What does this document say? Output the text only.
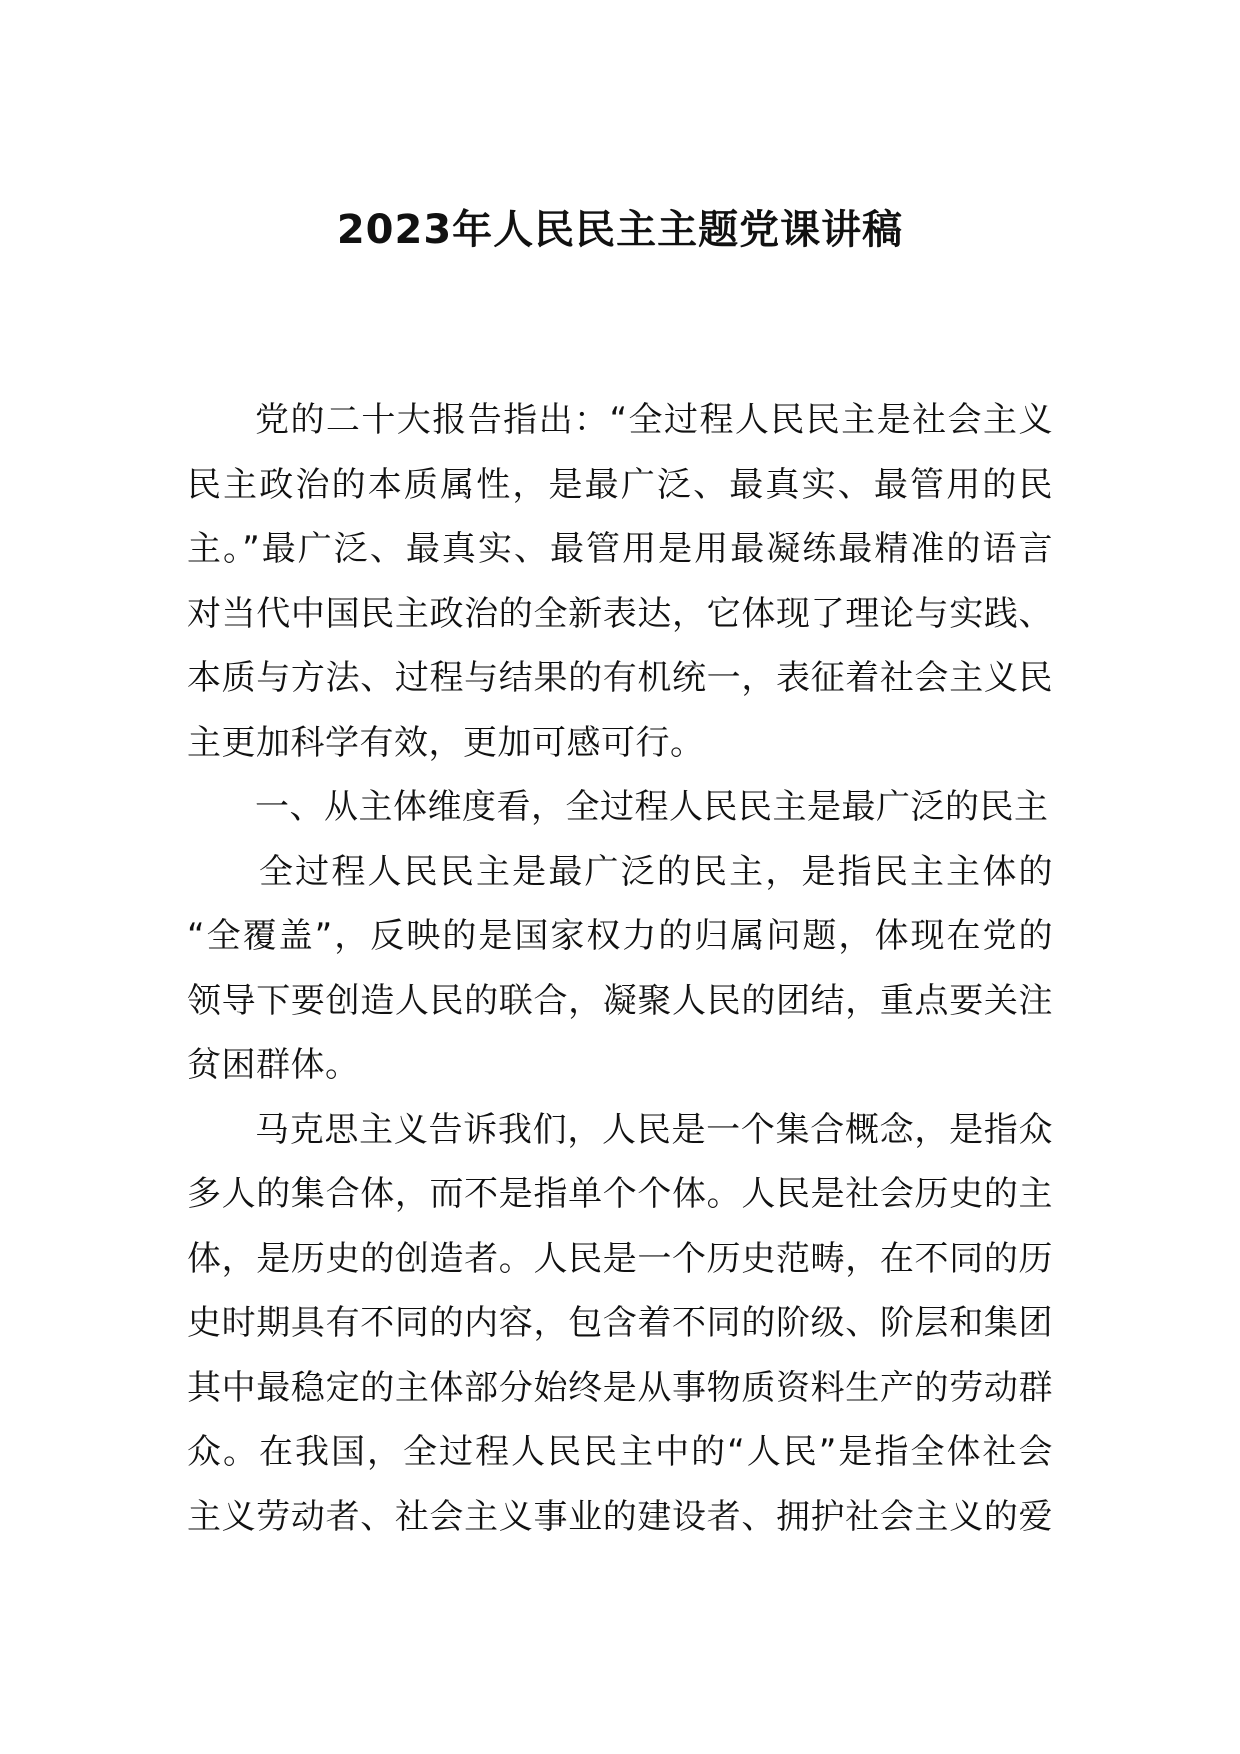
2023年人民民主主题党课讲稿
党的二十大报告指出：“全过程人民民主是社会主义
民主政治的本质属性，是最广泛、最真实、最管用的民
主。”最广泛、最真实、最管用是用最凝练最精准的语言
对当代中国民主政治的全新表达，它体现了理论与实践、
本质与方法、过程与结果的有机统一，表征着社会主义民
主更加科学有效，更加可感可行。
一、从主体维度看，全过程人民民主是最广泛的民主
全过程人民民主是最广泛的民主，是指民主主体的
“全覆盖”，反映的是国家权力的归属问题，体现在党的
领导下要创造人民的联合，凝聚人民的团结，重点要关注
贫困群体。
马克思主义告诉我们，人民是一个集合概念，是指众
多人的集合体，而不是指单个个体。人民是社会历史的主
体，是历史的创造者。人民是一个历史范畴，在不同的历
史时期具有不同的内容，包含着不同的阶级、阶层和集团
其中最稳定的主体部分始终是从事物质资料生产的劳动群
众。在我国，全过程人民民主中的“人民”是指全体社会
主义劳动者、社会主义事业的建设者、拥护社会主义的爱
